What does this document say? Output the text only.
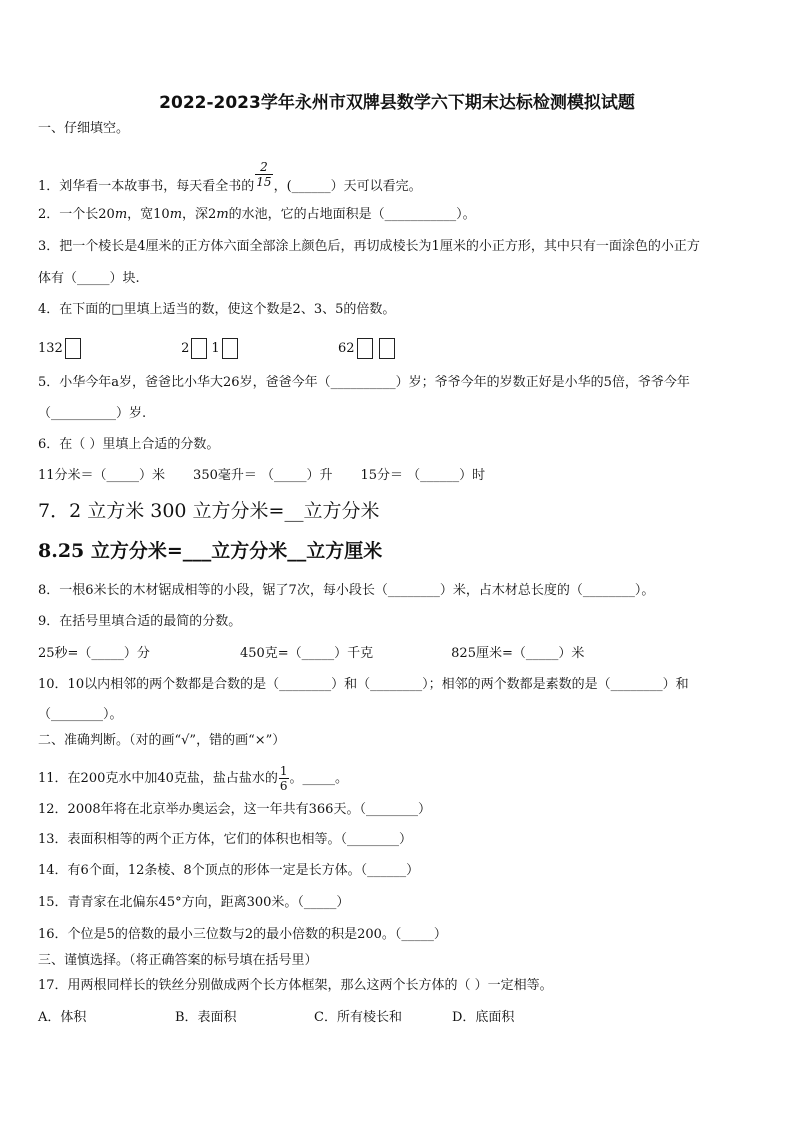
2022-2023学年永州市双牌县数学六下期末达标检测模拟试题
一、仔细填空。
1．刘华看一本故事书，每天看全书的 $\frac{2}{15}$ ，(______）天可以看完。
2．一个长20m，宽10m，深2m的水池，它的占地面积是（___________）。
3．把一个棱长是4厘米的正方体六面全部涂上颜色后，再切成棱长为1厘米的小正方形，其中只有一面涂色的小正方
体有（_____）块.
4．在下面的□里填上适当的数，使这个数是2、3、5的倍数。
132	2 1	62
5．小华今年a岁，爸爸比小华大26岁，爸爸今年（__________）岁；爷爷今年的岁数正好是小华的5倍，爷爷今年
（__________）岁.
6．在（ ）里填上合适的分数。
11分米＝（_____）米 350毫升＝ （_____）升 15分＝ （______）时
7．2 立方米 300 立方分米=__立方分米
8.25 立方分米=___立方分米__立方厘米
8．一根6米长的木材锯成相等的小段，锯了7次，每小段长（________）米，占木材总长度的（________）。
9．在括号里填合适的最简的分数。
25秒=（_____）分	450克=（_____）千克	825厘米=（_____）米
10．10以内相邻的两个数都是合数的是（________）和（________）；相邻的两个数都是素数的是（________）和
（________）。
二、准确判断。（对的画“√”，错的画“×”）
11．在200克水中加40克盐，盐占盐水的 $\frac{1}{6}$ 。_____。
12．2008年将在北京举办奥运会，这一年共有366天。（________）
13．表面积相等的两个正方体，它们的体积也相等。（________）
14．有6个面，12条棱、8个顶点的形体一定是长方体。（______）
15．青青家在北偏东45°方向，距离300米。（_____）
16．个位是5的倍数的最小三位数与2的最小倍数的积是200。（_____）
三、谨慎选择。（将正确答案的标号填在括号里）
17．用两根同样长的铁丝分别做成两个长方体框架，那么这两个长方体的（ ）一定相等。
A．体积	B．表面积	C．所有棱长和	D．底面积
